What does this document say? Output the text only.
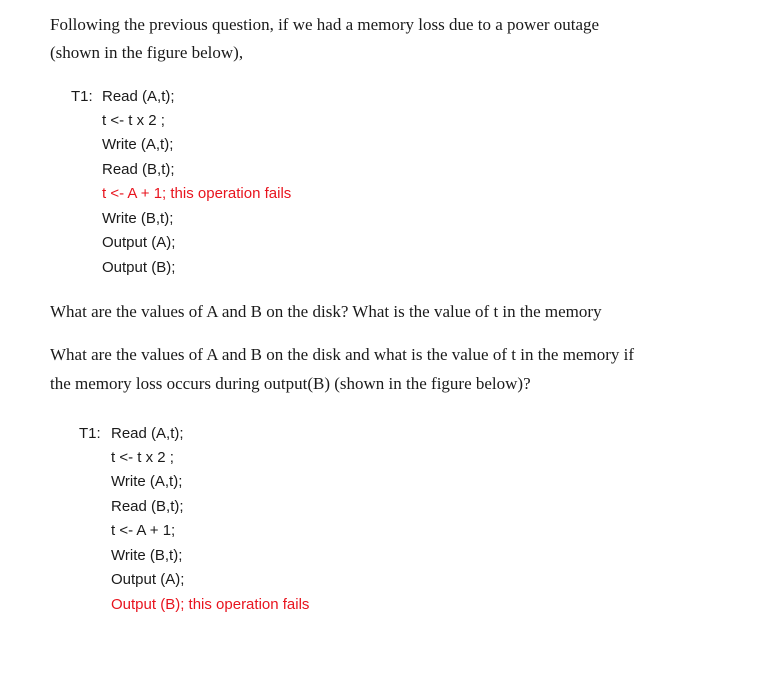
Following the previous question, if we had a memory loss due to a power outage

(shown in the figure below),

T1: Read (A,t);
t <- t x 2 ;
Write (A,t);
Read (B,t);
t <- A + 1; this operation fails
Write (B,t);
Output (A);
Output (B);

What are the values of A and B on the disk? What is the value of t in the memory

What are the values of A and B on the disk and what is the value of t in the memory if

the memory loss occurs during output(B) (shown in the figure below)?

T1: Read (A,t);
t <- t x 2 ;
Write (A,t);
Read (B,t);
t <- A + 1;
Write (B,t);
Output (A);
Output (B); this operation fails
